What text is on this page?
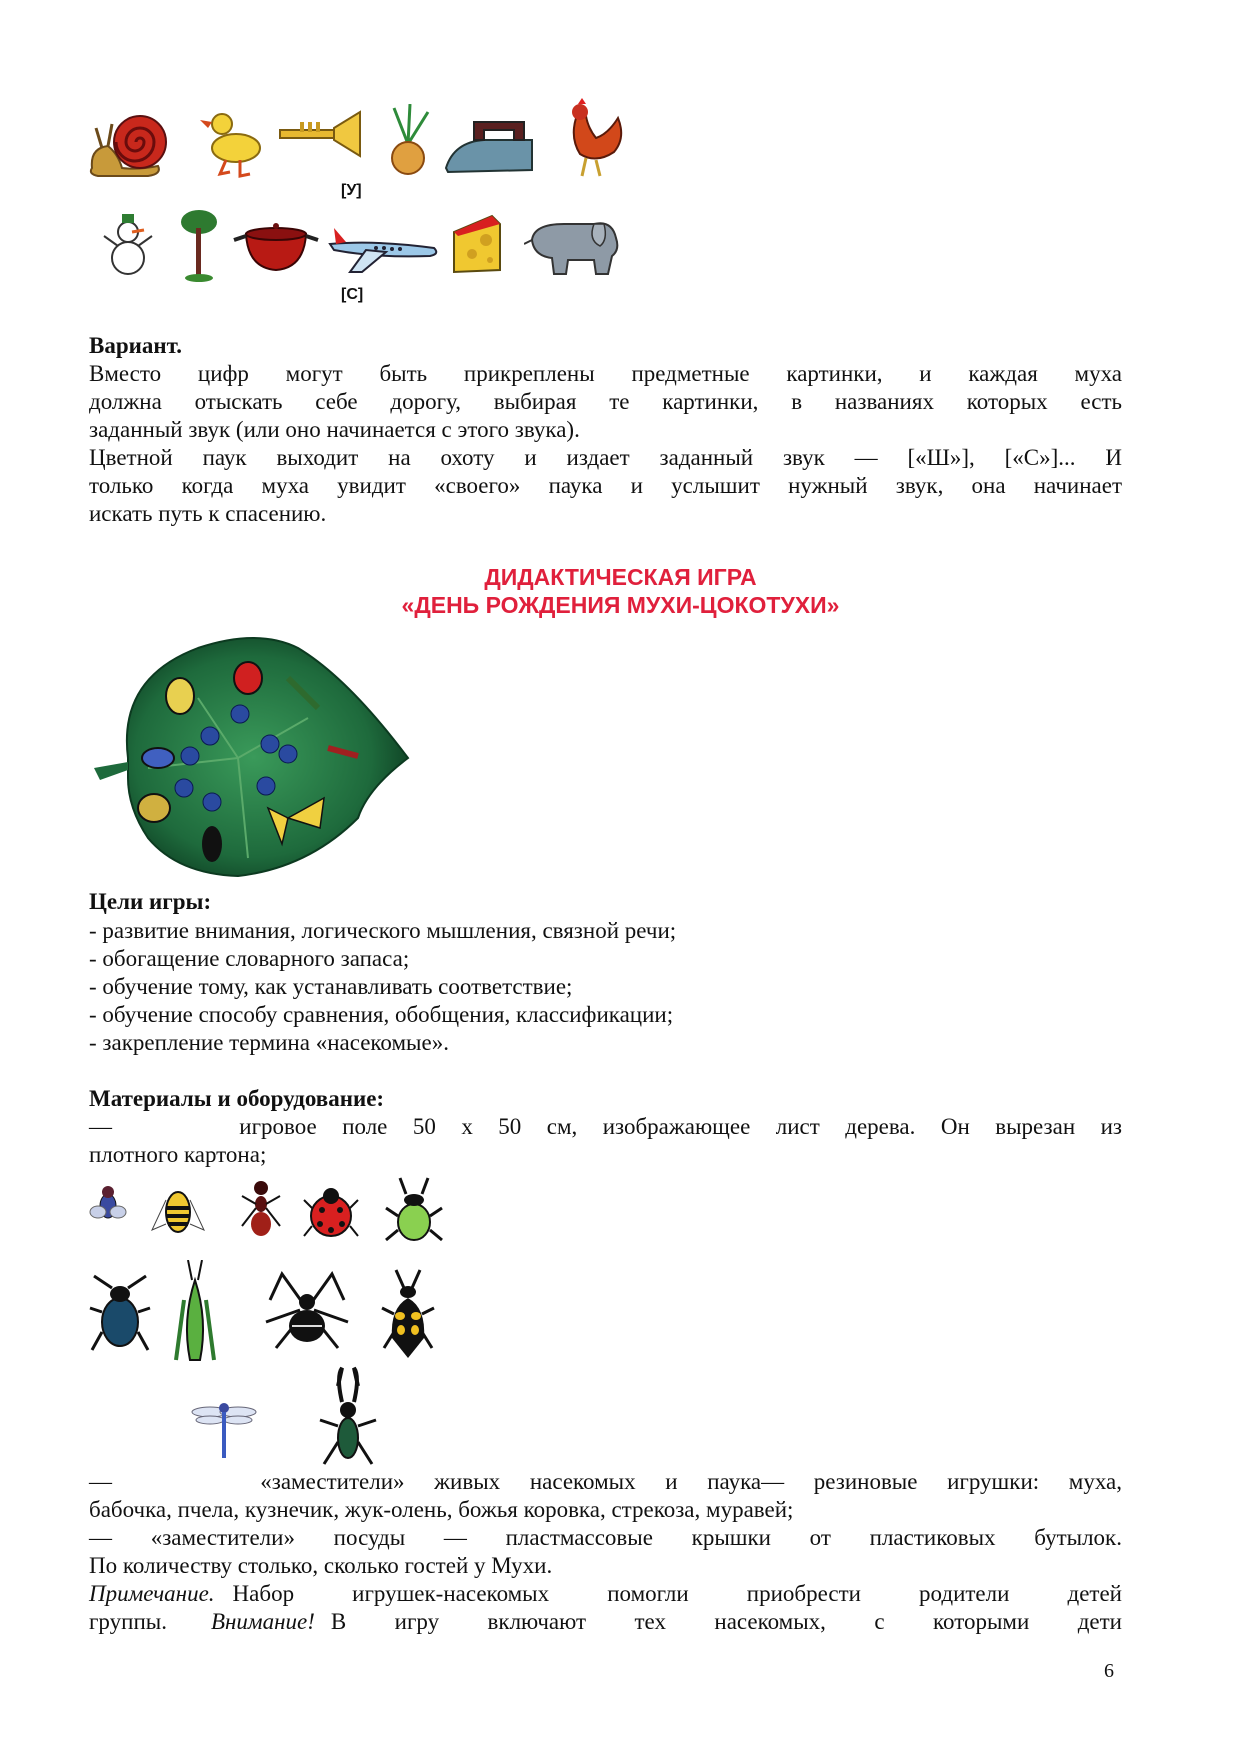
[У]
[С]
Вариант.
Вместо цифр могут быть прикреплены предметные картинки, и каждая муха
должна отыскать себе дорогу, выбирая те картинки, в названиях которых есть
заданный звук (или оно начинается с этого звука).
Цветной паук выходит на охоту и издает заданный звук — [«Ш»], [«С»]... И
только когда муха увидит «своего» паука и услышит нужный звук, она начинает
искать путь к спасению.
ДИДАКТИЧЕСКАЯ ИГРА
«ДЕНЬ РОЖДЕНИЯ МУХИ-ЦОКОТУХИ»
Цели игры:
- развитие внимания, логического мышления, связной речи;
- обогащение словарного запаса;
- обучение тому, как устанавливать соответствие;
- обучение способу сравнения, обобщения, классификации;
- закрепление термина «насекомые».
Материалы и оборудование:
—     игровое поле 50 х 50 см, изображающее лист дерева. Он вырезан из
плотного картона;
—     «заместители» живых насекомых и паука— резиновые игрушки: муха,
бабочка, пчела, кузнечик, жук-олень, божья коровка, стрекоза, муравей;
— «заместители» посуды — пластмассовые крышки от пластиковых бутылок.
По количеству столько, сколько гостей у Мухи.
Примечание. Набор игрушек-насекомых помогли приобрести родители детей
группы. Внимание! В игру включают тех насекомых, с которыми дети
6
